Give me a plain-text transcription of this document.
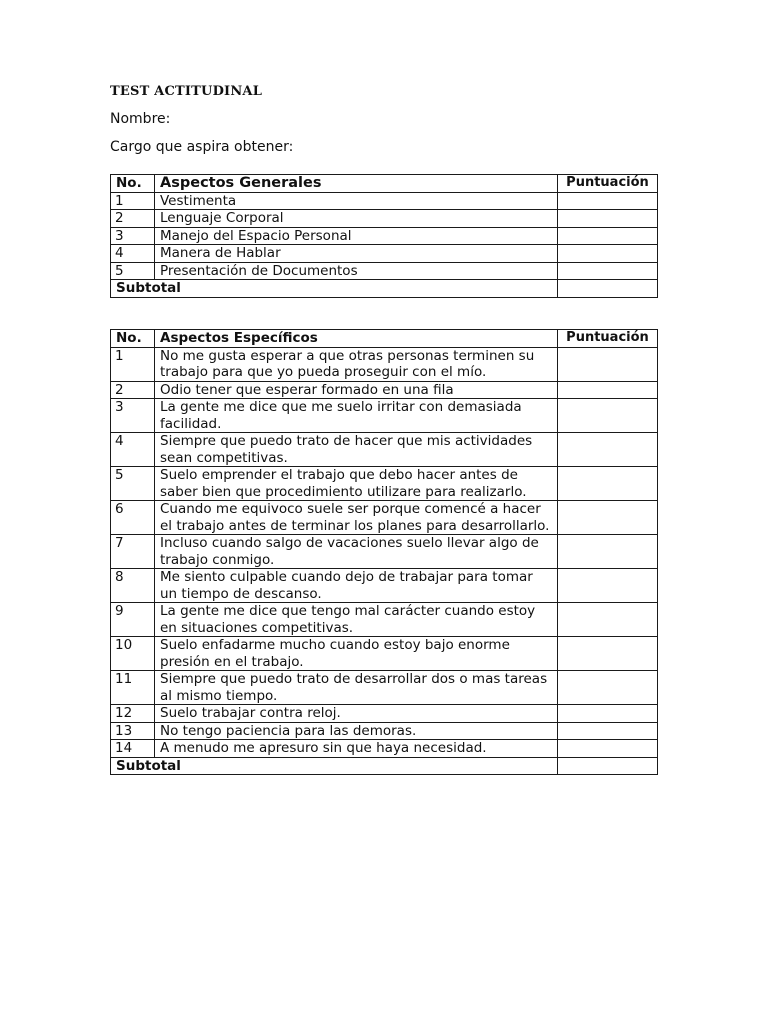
TEST ACTITUDINAL
Nombre:
Cargo que aspira obtener:
No.	Aspectos Generales	Puntuación
1	Vestimenta	
2	Lenguaje Corporal	
3	Manejo del Espacio Personal	
4	Manera de Hablar	
5	Presentación de Documentos	
Subtotal		
No.	Aspectos Específicos	Puntuación
1	No me gusta esperar a que otras personas terminen su trabajo para que yo pueda proseguir con el mío.	
2	Odio tener que esperar formado en una fila	
3	La gente me dice que me suelo irritar con demasiada facilidad.	
4	Siempre que puedo trato de hacer que mis actividades sean competitivas.	
5	Suelo emprender el trabajo que debo hacer antes de saber bien que procedimiento utilizare para realizarlo.	
6	Cuando me equivoco suele ser porque comencé a hacer el trabajo antes de terminar los planes para desarrollarlo.	
7	Incluso cuando salgo de vacaciones suelo llevar algo de trabajo conmigo.	
8	Me siento culpable cuando dejo de trabajar para tomar un tiempo de descanso.	
9	La gente me dice que tengo mal carácter cuando estoy en situaciones competitivas.	
10	Suelo enfadarme mucho cuando estoy bajo enorme presión en el trabajo.	
11	Siempre que puedo trato de desarrollar dos o mas tareas al mismo tiempo.	
12	Suelo trabajar contra reloj.	
13	No tengo paciencia para las demoras.	
14	A menudo me apresuro sin que haya necesidad.	
Subtotal		
